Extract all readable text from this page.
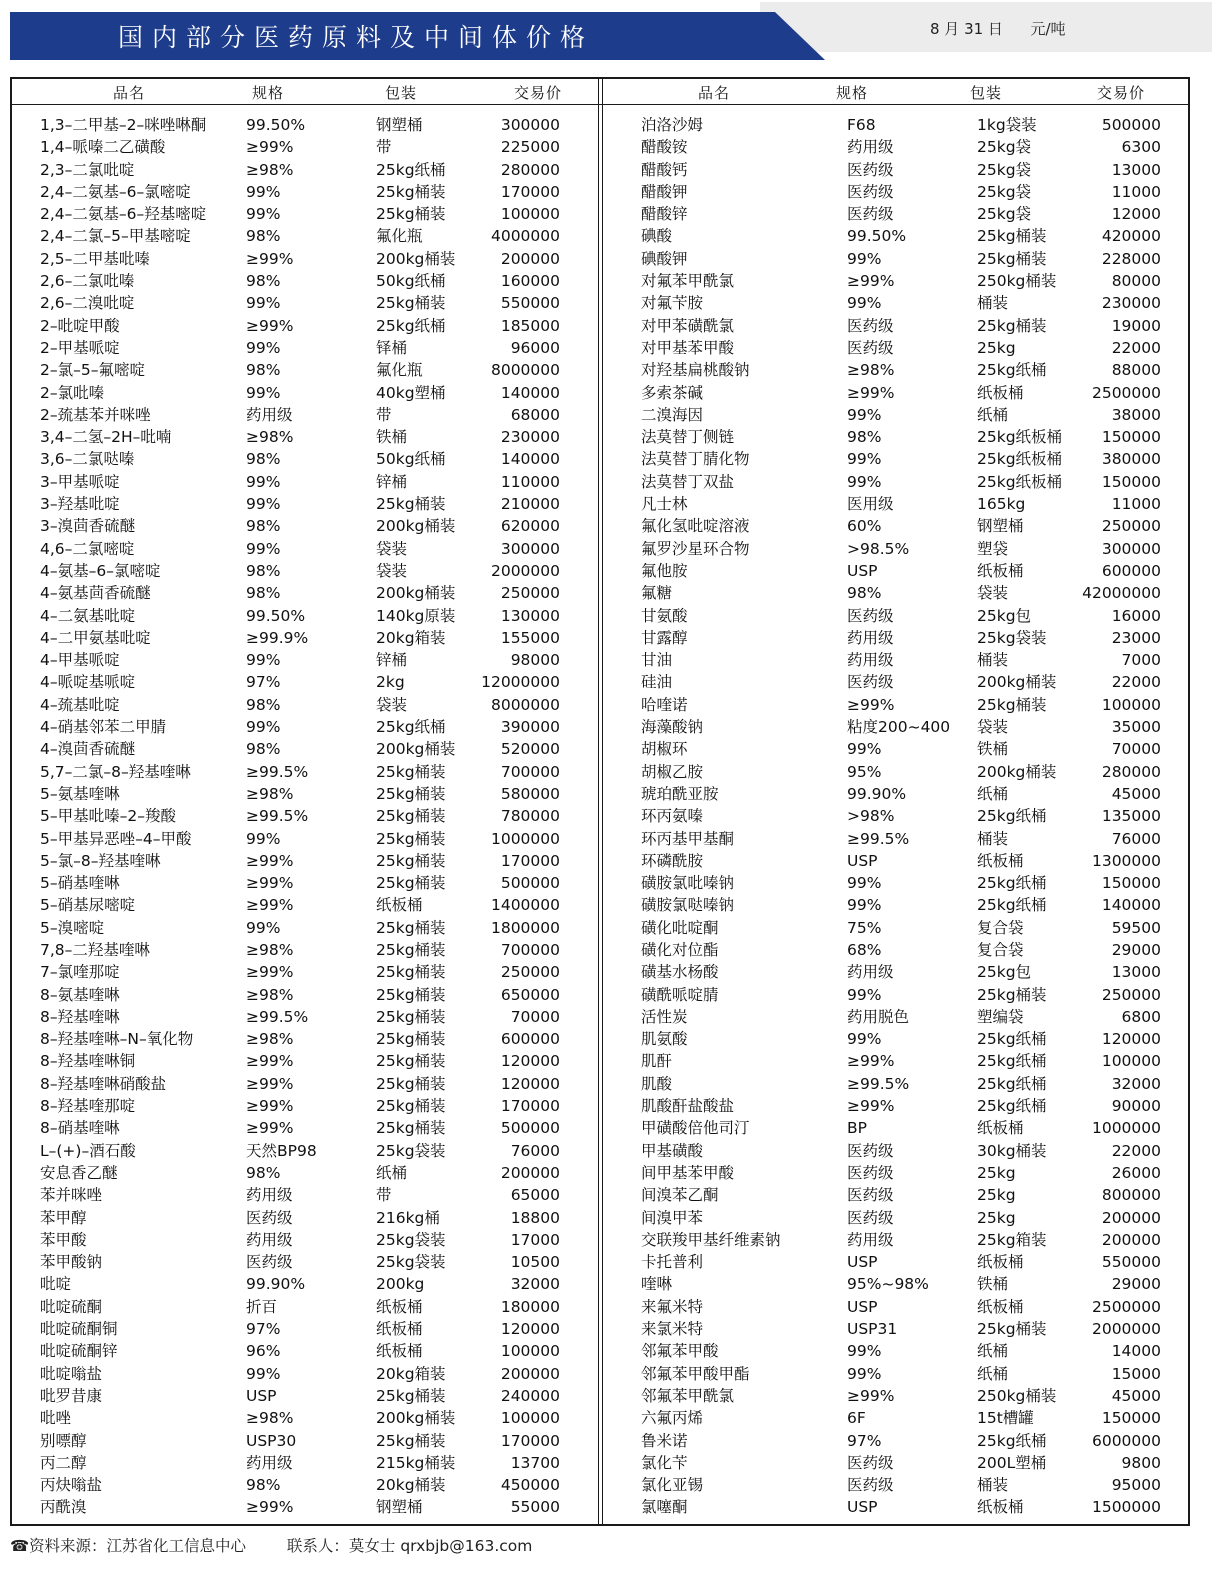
国内部分医药原料及中间体价格	8 月 31 日 元/吨
品名	规格	包装	交易价	品名	规格	包装	交易价
1,3–二甲基–2–咪唑啉酮	99.50%	钢塑桶	300000
1,4–哌嗪二乙磺酸	≥99%	带	225000
2,3–二氯吡啶	≥98%	25kg纸桶	280000
2,4–二氨基–6–氯嘧啶	99%	25kg桶装	170000
2,4–二氨基–6–羟基嘧啶	99%	25kg桶装	100000
2,4–二氯–5–甲基嘧啶	98%	氟化瓶	4000000
2,5–二甲基吡嗪	≥99%	200kg桶装	200000
2,6–二氯吡嗪	98%	50kg纸桶	160000
2,6–二溴吡啶	99%	25kg桶装	550000
2–吡啶甲酸	≥99%	25kg纸桶	185000
2–甲基哌啶	99%	铎桶	96000
2–氯–5–氟嘧啶	98%	氟化瓶	8000000
2–氯吡嗪	99%	40kg塑桶	140000
2–巯基苯并咪唑	药用级	带	68000
3,4–二氢–2H–吡喃	≥98%	铁桶	230000
3,6–二氯哒嗪	98%	50kg纸桶	140000
3–甲基哌啶	99%	锌桶	110000
3–羟基吡啶	99%	25kg桶装	210000
3–溴茴香硫醚	98%	200kg桶装	620000
4,6–二氯嘧啶	99%	袋装	300000
4–氨基–6–氯嘧啶	98%	袋装	2000000
4–氨基茴香硫醚	98%	200kg桶装	250000
4–二氨基吡啶	99.50%	140kg原装	130000
4–二甲氨基吡啶	≥99.9%	20kg箱装	155000
4–甲基哌啶	99%	锌桶	98000
4–哌啶基哌啶	97%	2kg	12000000
4–巯基吡啶	98%	袋装	8000000
4–硝基邻苯二甲腈	99%	25kg纸桶	390000
4–溴茴香硫醚	98%	200kg桶装	520000
5,7–二氯–8–羟基喹啉	≥99.5%	25kg桶装	700000
5–氨基喹啉	≥98%	25kg桶装	580000
5–甲基吡嗪–2–羧酸	≥99.5%	25kg桶装	780000
5–甲基异恶唑–4–甲酸	99%	25kg桶装	1000000
5–氯–8–羟基喹啉	≥99%	25kg桶装	170000
5–硝基喹啉	≥99%	25kg桶装	500000
5–硝基尿嘧啶	≥99%	纸板桶	1400000
5–溴嘧啶	99%	25kg桶装	1800000
7,8–二羟基喹啉	≥98%	25kg桶装	700000
7–氯喹那啶	≥99%	25kg桶装	250000
8–氨基喹啉	≥98%	25kg桶装	650000
8–羟基喹啉	≥99.5%	25kg桶装	70000
8–羟基喹啉–N–氧化物	≥98%	25kg桶装	600000
8–羟基喹啉铜	≥99%	25kg桶装	120000
8–羟基喹啉硝酸盐	≥99%	25kg桶装	120000
8–羟基喹那啶	≥99%	25kg桶装	170000
8–硝基喹啉	≥99%	25kg桶装	500000
L–(+)–酒石酸	天然BP98	25kg袋装	76000
安息香乙醚	98%	纸桶	200000
苯并咪唑	药用级	带	65000
苯甲醇	医药级	216kg桶	18800
苯甲酸	药用级	25kg袋装	17000
苯甲酸钠	医药级	25kg袋装	10500
吡啶	99.90%	200kg	32000
吡啶硫酮	折百	纸板桶	180000
吡啶硫酮铜	97%	纸板桶	120000
吡啶硫酮锌	96%	纸板桶	100000
吡啶嗡盐	99%	20kg箱装	200000
吡罗昔康	USP	25kg桶装	240000
吡唑	≥98%	200kg桶装	100000
别嘌醇	USP30	25kg桶装	170000
丙二醇	药用级	215kg桶装	13700
丙炔嗡盐	98%	20kg桶装	450000
丙酰溴	≥99%	钢塑桶	55000
泊洛沙姆	F68	1kg袋装	500000
醋酸铵	药用级	25kg袋	6300
醋酸钙	医药级	25kg袋	13000
醋酸钾	医药级	25kg袋	11000
醋酸锌	医药级	25kg袋	12000
碘酸	99.50%	25kg桶装	420000
碘酸钾	99%	25kg桶装	228000
对氟苯甲酰氯	≥99%	250kg桶装	80000
对氟苄胺	99%	桶装	230000
对甲苯磺酰氯	医药级	25kg桶装	19000
对甲基苯甲酸	医药级	25kg	22000
对羟基扁桃酸钠	≥98%	25kg纸桶	88000
多索茶碱	≥99%	纸板桶	2500000
二溴海因	99%	纸桶	38000
法莫替丁侧链	98%	25kg纸板桶	150000
法莫替丁腈化物	99%	25kg纸板桶	380000
法莫替丁双盐	99%	25kg纸板桶	150000
凡士林	医用级	165kg	11000
氟化氢吡啶溶液	60%	钢塑桶	250000
氟罗沙星环合物	>98.5%	塑袋	300000
氟他胺	USP	纸板桶	600000
氟糖	98%	袋装	42000000
甘氨酸	医药级	25kg包	16000
甘露醇	药用级	25kg袋装	23000
甘油	药用级	桶装	7000
硅油	医药级	200kg桶装	22000
哈喹诺	≥99%	25kg桶装	100000
海藻酸钠	粘度200~400 袋装	35000
胡椒环	99%	铁桶	70000
胡椒乙胺	95%	200kg桶装	280000
琥珀酰亚胺	99.90%	纸桶	45000
环丙氨嗪	>98%	25kg纸桶	135000
环丙基甲基酮	≥99.5%	桶装	76000
环磷酰胺	USP	纸板桶	1300000
磺胺氯吡嗪钠	99%	25kg纸桶	150000
磺胺氯哒嗪钠	99%	25kg纸桶	140000
磺化吡啶酮	75%	复合袋	59500
磺化对位酯	68%	复合袋	29000
磺基水杨酸	药用级	25kg包	13000
磺酰哌啶腈	99%	25kg桶装	250000
活性炭	药用脱色	塑编袋	6800
肌氨酸	99%	25kg纸桶	120000
肌酐	≥99%	25kg纸桶	100000
肌酸	≥99.5%	25kg纸桶	32000
肌酸酐盐酸盐	≥99%	25kg纸桶	90000
甲磺酸倍他司汀	BP	纸板桶	1000000
甲基磺酸	医药级	30kg桶装	22000
间甲基苯甲酸	医药级	25kg	26000
间溴苯乙酮	医药级	25kg	800000
间溴甲苯	医药级	25kg	200000
交联羧甲基纤维素钠	药用级	25kg箱装	200000
卡托普利	USP	纸板桶	550000
喹啉	95%~98%	铁桶	29000
来氟米特	USP	纸板桶	2500000
来氯米特	USP31	25kg桶装	2000000
邻氟苯甲酸	99%	纸桶	14000
邻氟苯甲酸甲酯	99%	纸桶	15000
邻氟苯甲酰氯	≥99%	250kg桶装	45000
六氟丙烯	6F	15t槽罐	150000
鲁米诺	97%	25kg纸桶	6000000
氯化苄	医药级	200L塑桶	9800
氯化亚锡	医药级	桶装	95000
氯噻酮	USP	纸板桶	1500000
☎ 资料来源：江苏省化工信息中心	联系人：莫女士 qrxbjb@163.com
